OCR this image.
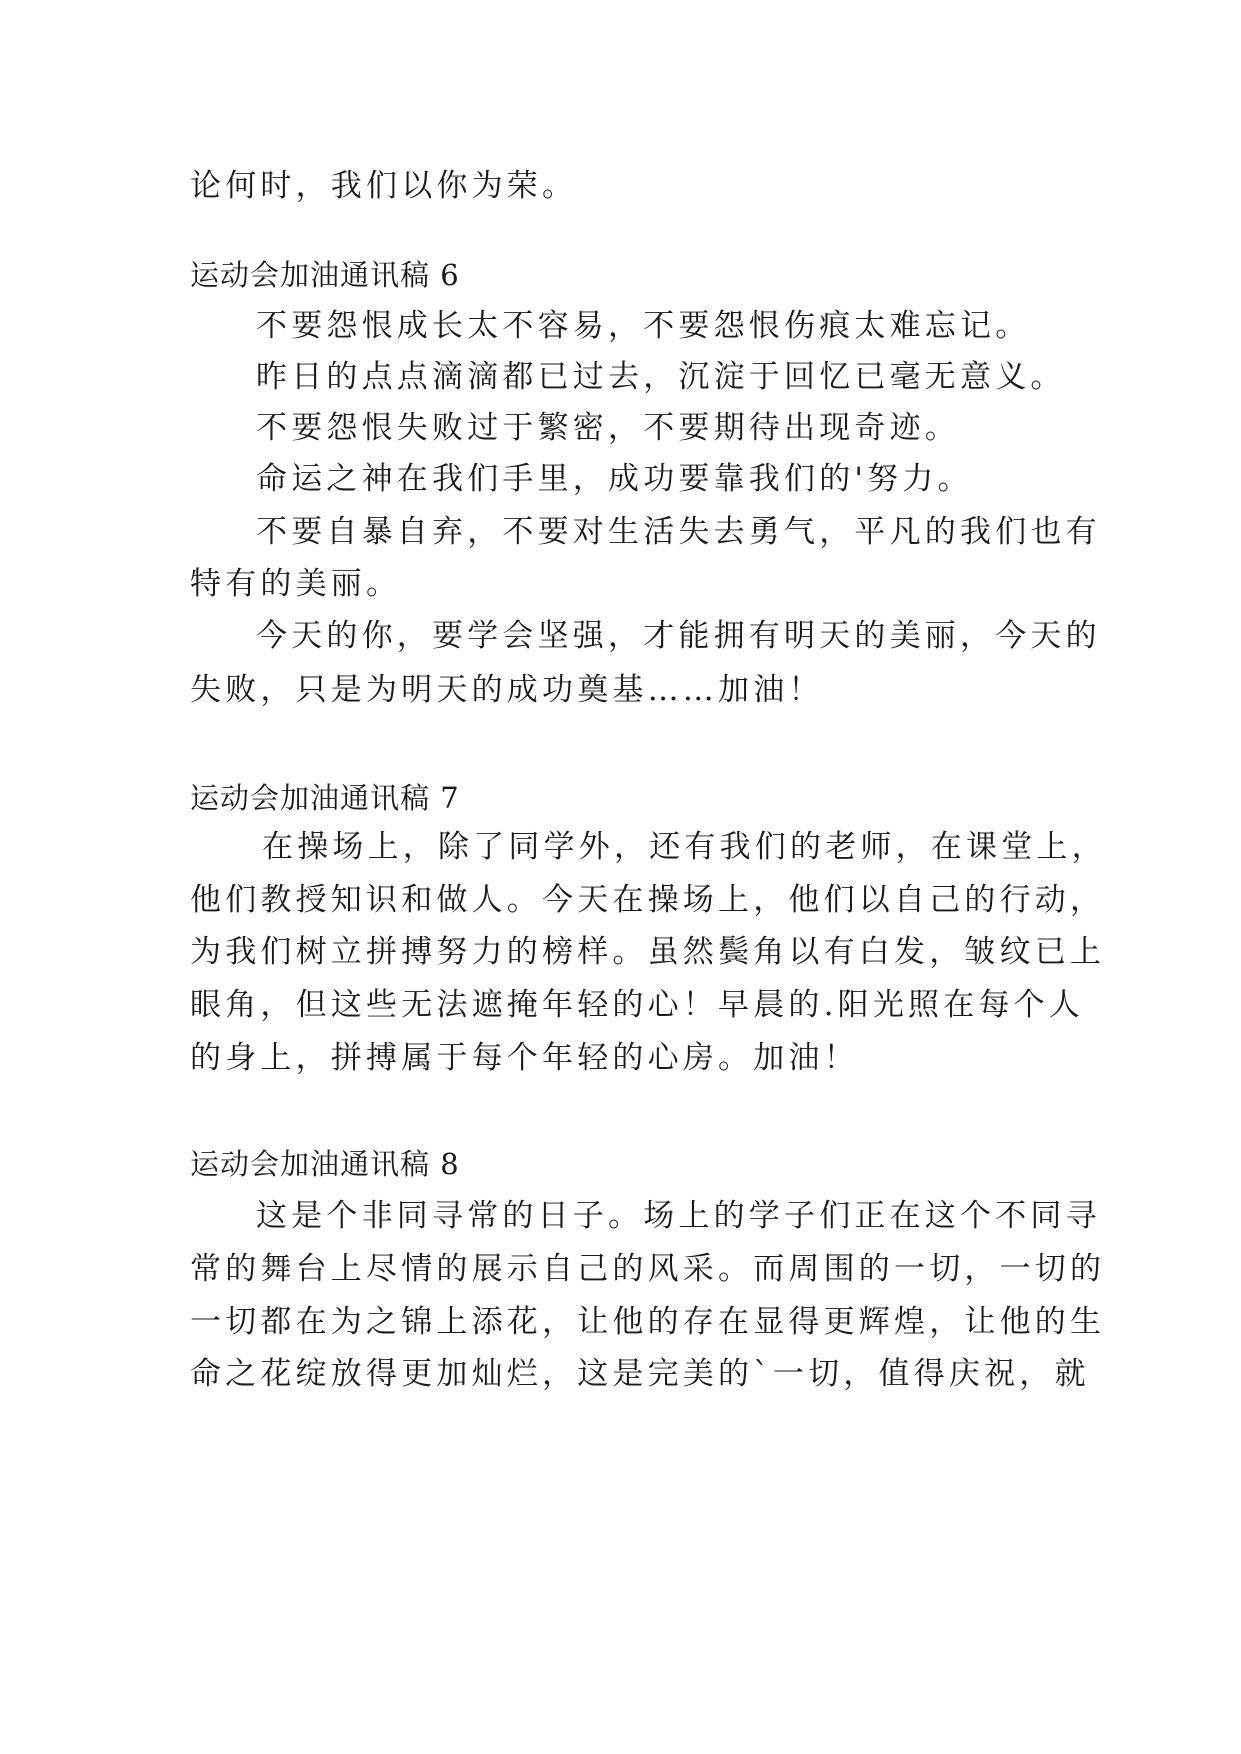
论何时，我们以你为荣。
运动会加油通讯稿 6
不要怨恨成长太不容易，不要怨恨伤痕太难忘记。
昨日的点点滴滴都已过去，沉淀于回忆已毫无意义。
不要怨恨失败过于繁密，不要期待出现奇迹。
命运之神在我们手里，成功要靠我们的'努力。
不要自暴自弃，不要对生活失去勇气，平凡的我们也有
特有的美丽。
今天的你，要学会坚强，才能拥有明天的美丽，今天的
失败，只是为明天的成功奠基……加油！
运动会加油通讯稿 7
在操场上，除了同学外，还有我们的老师，在课堂上，
他们教授知识和做人。今天在操场上，他们以自己的行动，
为我们树立拼搏努力的榜样。虽然鬓角以有白发，皱纹已上
眼角，但这些无法遮掩年轻的心！早晨的.阳光照在每个人
的身上，拼搏属于每个年轻的心房。加油！
运动会加油通讯稿 8
这是个非同寻常的日子。场上的学子们正在这个不同寻
常的舞台上尽情的展示自己的风采。而周围的一切，一切的
一切都在为之锦上添花，让他的存在显得更辉煌，让他的生
命之花绽放得更加灿烂，这是完美的`一切，值得庆祝，就
